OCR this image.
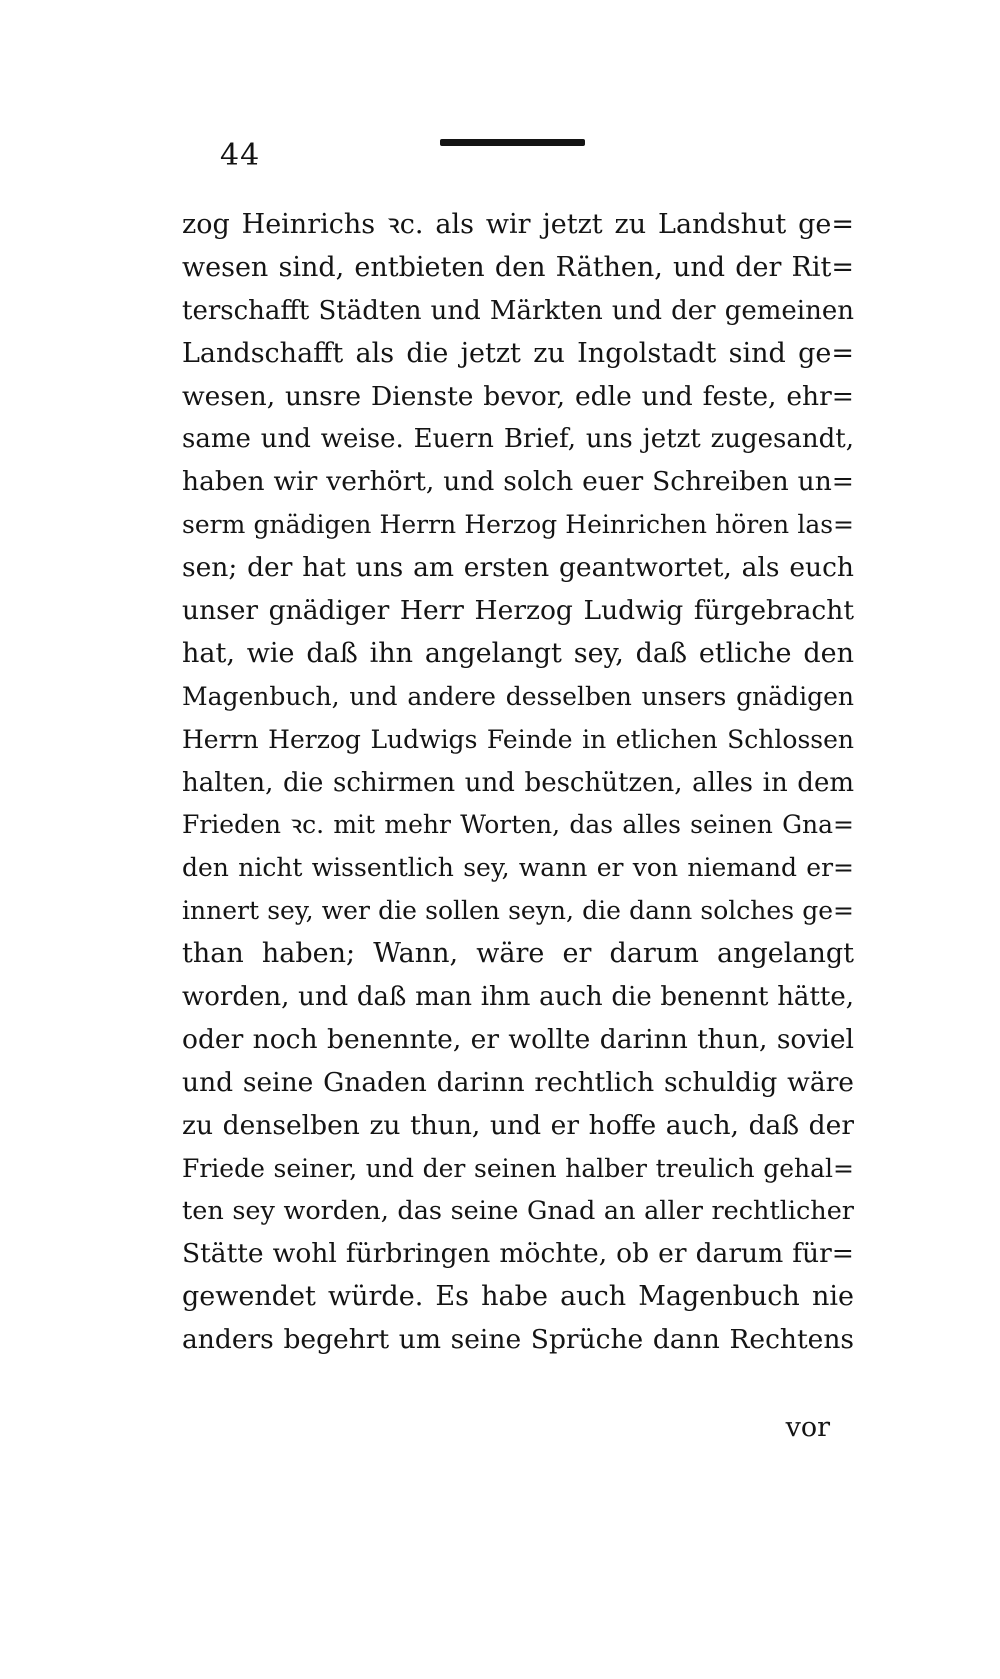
44
zog Heinrichs ꝛc. als wir jetzt zu Landshut ge=
wesen sind, entbieten den Räthen, und der Rit=
terschafft Städten und Märkten und der gemeinen
Landschafft als die jetzt zu Ingolstadt sind ge=
wesen, unsre Dienste bevor, edle und feste, ehr=
same und weise. Euern Brief, uns jetzt zugesandt,
haben wir verhört, und solch euer Schreiben un=
serm gnädigen Herrn Herzog Heinrichen hören las=
sen; der hat uns am ersten geantwortet, als euch
unser gnädiger Herr Herzog Ludwig fürgebracht
hat, wie daß ihn angelangt sey, daß etliche den
Magenbuch, und andere desselben unsers gnädigen
Herrn Herzog Ludwigs Feinde in etlichen Schlossen
halten, die schirmen und beschützen, alles in dem
Frieden ꝛc. mit mehr Worten, das alles seinen Gna=
den nicht wissentlich sey, wann er von niemand er=
innert sey, wer die sollen seyn, die dann solches ge=
than haben; Wann, wäre er darum angelangt
worden, und daß man ihm auch die benennt hätte,
oder noch benennte, er wollte darinn thun, soviel
und seine Gnaden darinn rechtlich schuldig wäre
zu denselben zu thun, und er hoffe auch, daß der
Friede seiner, und der seinen halber treulich gehal=
ten sey worden, das seine Gnad an aller rechtlicher
Stätte wohl fürbringen möchte, ob er darum für=
gewendet würde. Es habe auch Magenbuch nie
anders begehrt um seine Sprüche dann Rechtens
vor
